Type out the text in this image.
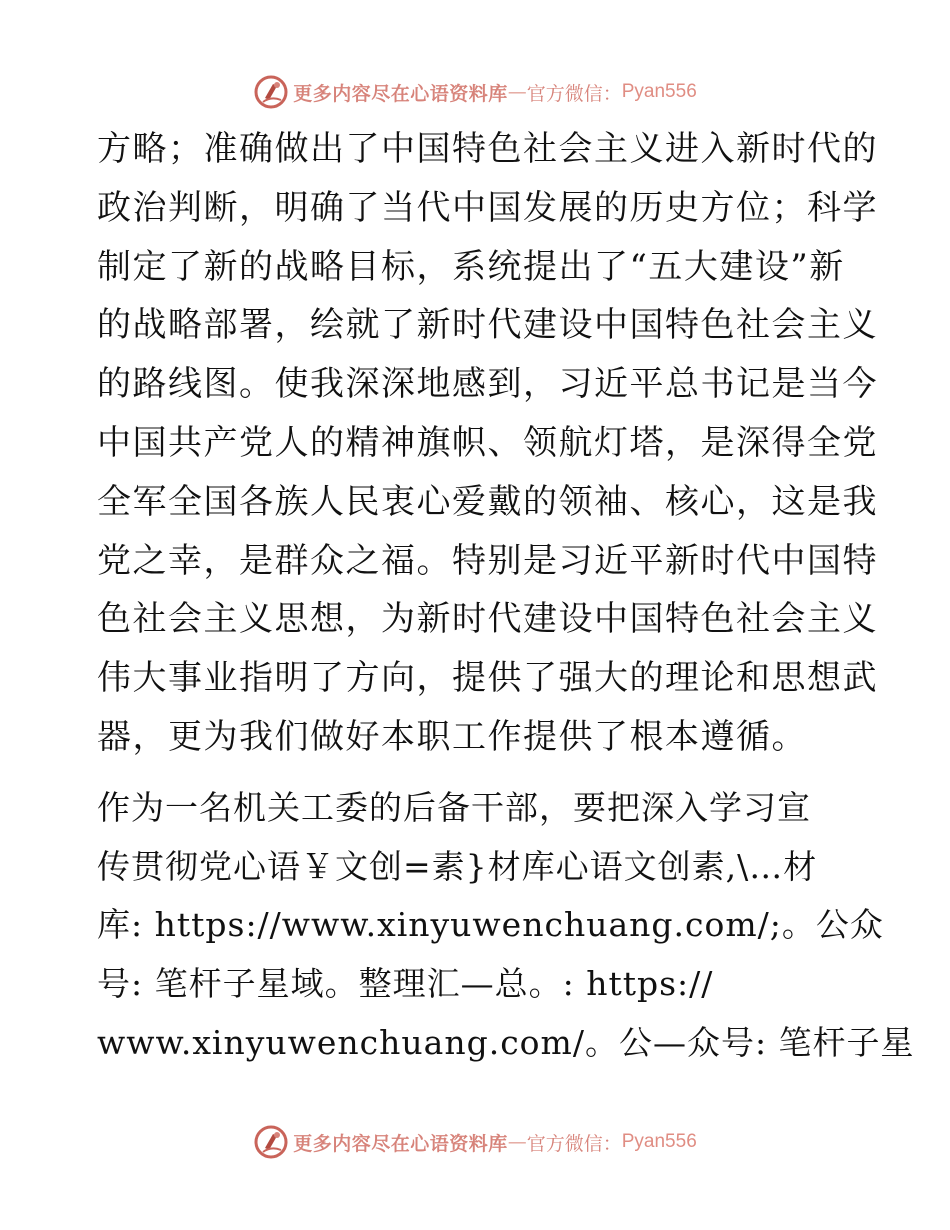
更多内容尽在心语资料库 — 官方微信： Pyan556
方略；准确做出了中国特色社会主义进入新时代的
政治判断，明确了当代中国发展的历史方位；科学
制定了新的战略目标，系统提出了“五大建设”新
的战略部署，绘就了新时代建设中国特色社会主义
的路线图。使我深深地感到，习近平总书记是当今
中国共产党人的精神旗帜、领航灯塔，是深得全党
全军全国各族人民衷心爱戴的领袖、核心，这是我
党之幸，是群众之福。特别是习近平新时代中国特
色社会主义思想，为新时代建设中国特色社会主义
伟大事业指明了方向，提供了强大的理论和思想武
器，更为我们做好本职工作提供了根本遵循。
作为一名机关工委的后备干部，要把深入学习宣
传贯彻党心语￥文创=素}材库心语文创素,\…材
库: https://www.xinyuwenchuang.com/;。公众
号: 笔杆子星域。整理汇—总。: https://
www.xinyuwenchuang.com/。公—众号: 笔杆子星
更多内容尽在心语资料库 — 官方微信： Pyan556
